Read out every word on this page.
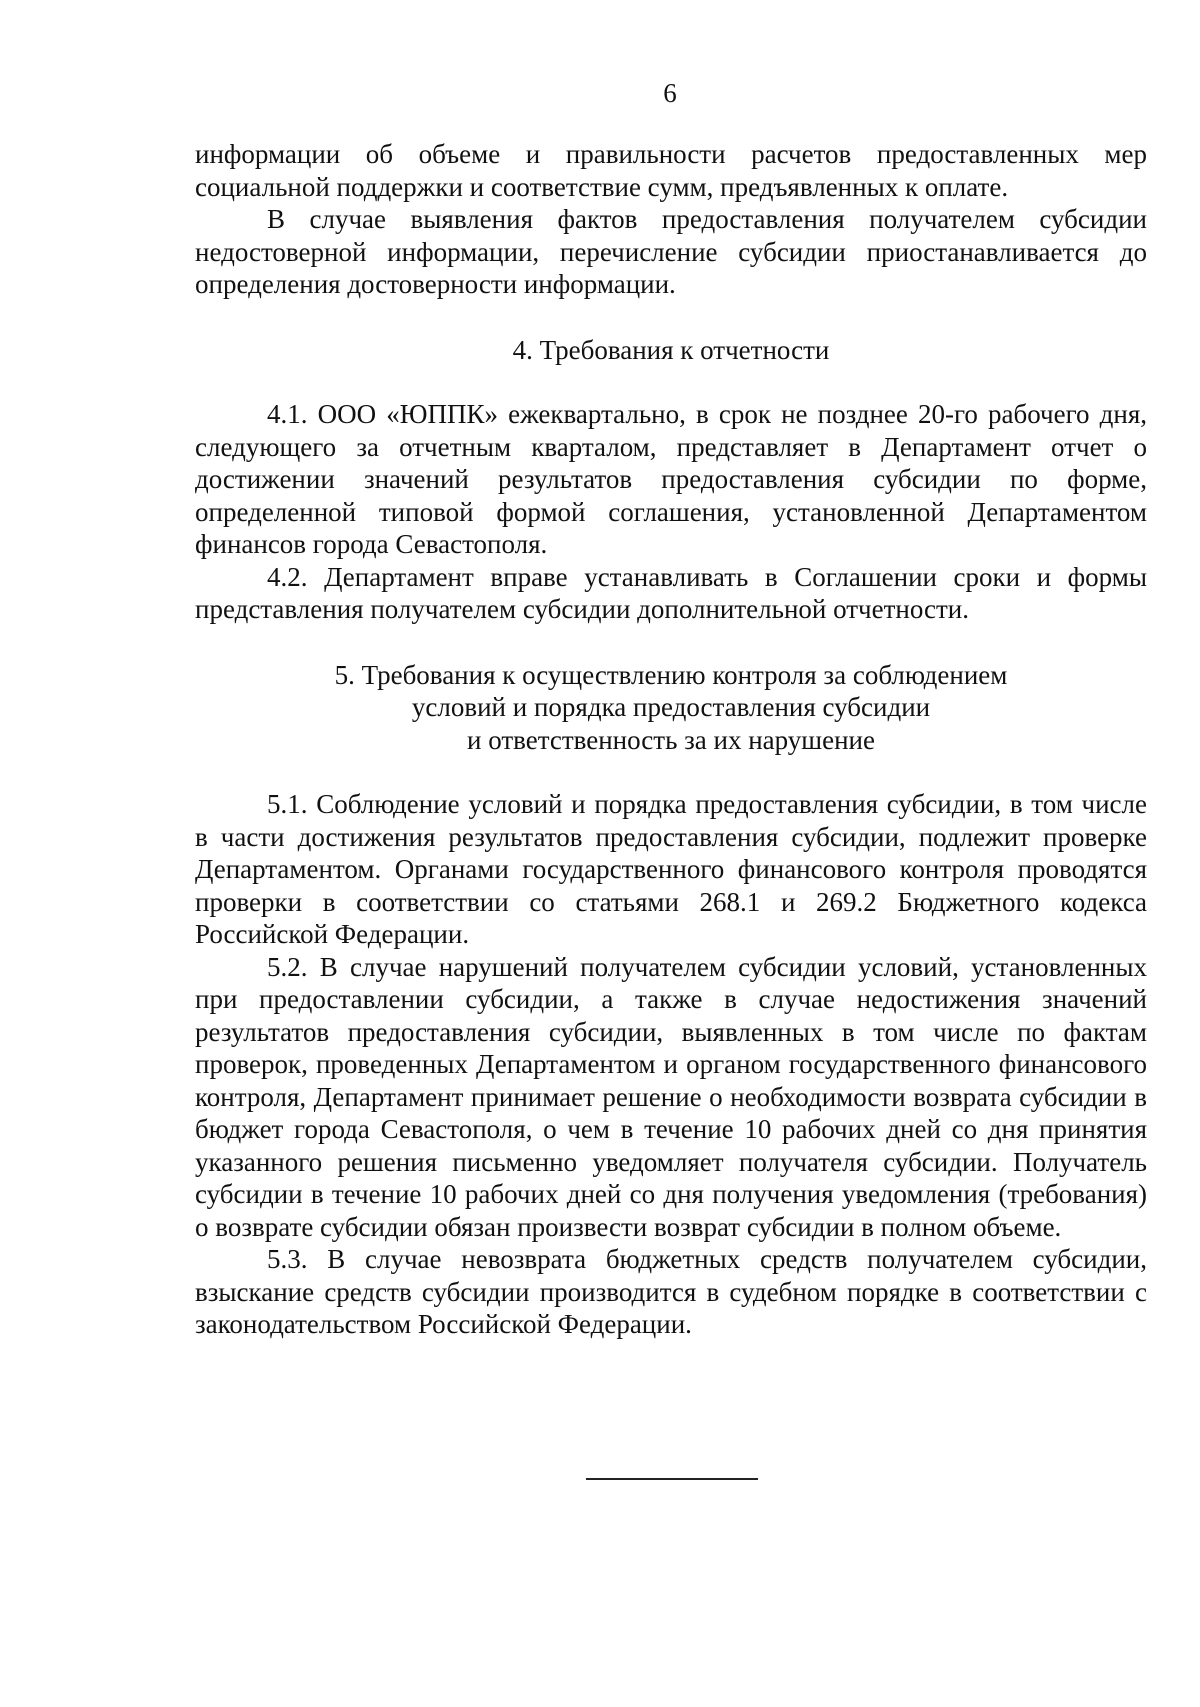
6

информации об объеме и правильности расчетов предоставленных мер социальной поддержки и соответствие сумм, предъявленных к оплате.

В случае выявления фактов предоставления получателем субсидии недостоверной информации, перечисление субсидии приостанавливается до определения достоверности информации.

4. Требования к отчетности

4.1. ООО «ЮППК» ежеквартально, в срок не позднее 20-го рабочего дня, следующего за отчетным кварталом, представляет в Департамент отчет о достижении значений результатов предоставления субсидии по форме, определенной типовой формой соглашения, установленной Департаментом финансов города Севастополя.

4.2. Департамент вправе устанавливать в Соглашении сроки и формы представления получателем субсидии дополнительной отчетности.

5. Требования к осуществлению контроля за соблюдением
условий и порядка предоставления субсидии
и ответственность за их нарушение

5.1. Соблюдение условий и порядка предоставления субсидии, в том числе в части достижения результатов предоставления субсидии, подлежит проверке Департаментом. Органами государственного финансового контроля проводятся проверки в соответствии со статьями 268.1 и 269.2 Бюджетного кодекса Российской Федерации.

5.2. В случае нарушений получателем субсидии условий, установленных при предоставлении субсидии, а также в случае недостижения значений результатов предоставления субсидии, выявленных в том числе по фактам проверок, проведенных Департаментом и органом государственного финансового контроля, Департамент принимает решение о необходимости возврата субсидии в бюджет города Севастополя, о чем в течение 10 рабочих дней со дня принятия указанного решения письменно уведомляет получателя субсидии. Получатель субсидии в течение 10 рабочих дней со дня получения уведомления (требования) о возврате субсидии обязан произвести возврат субсидии в полном объеме.

5.3. В случае невозврата бюджетных средств получателем субсидии, взыскание средств субсидии производится в судебном порядке в соответствии с законодательством Российской Федерации.
